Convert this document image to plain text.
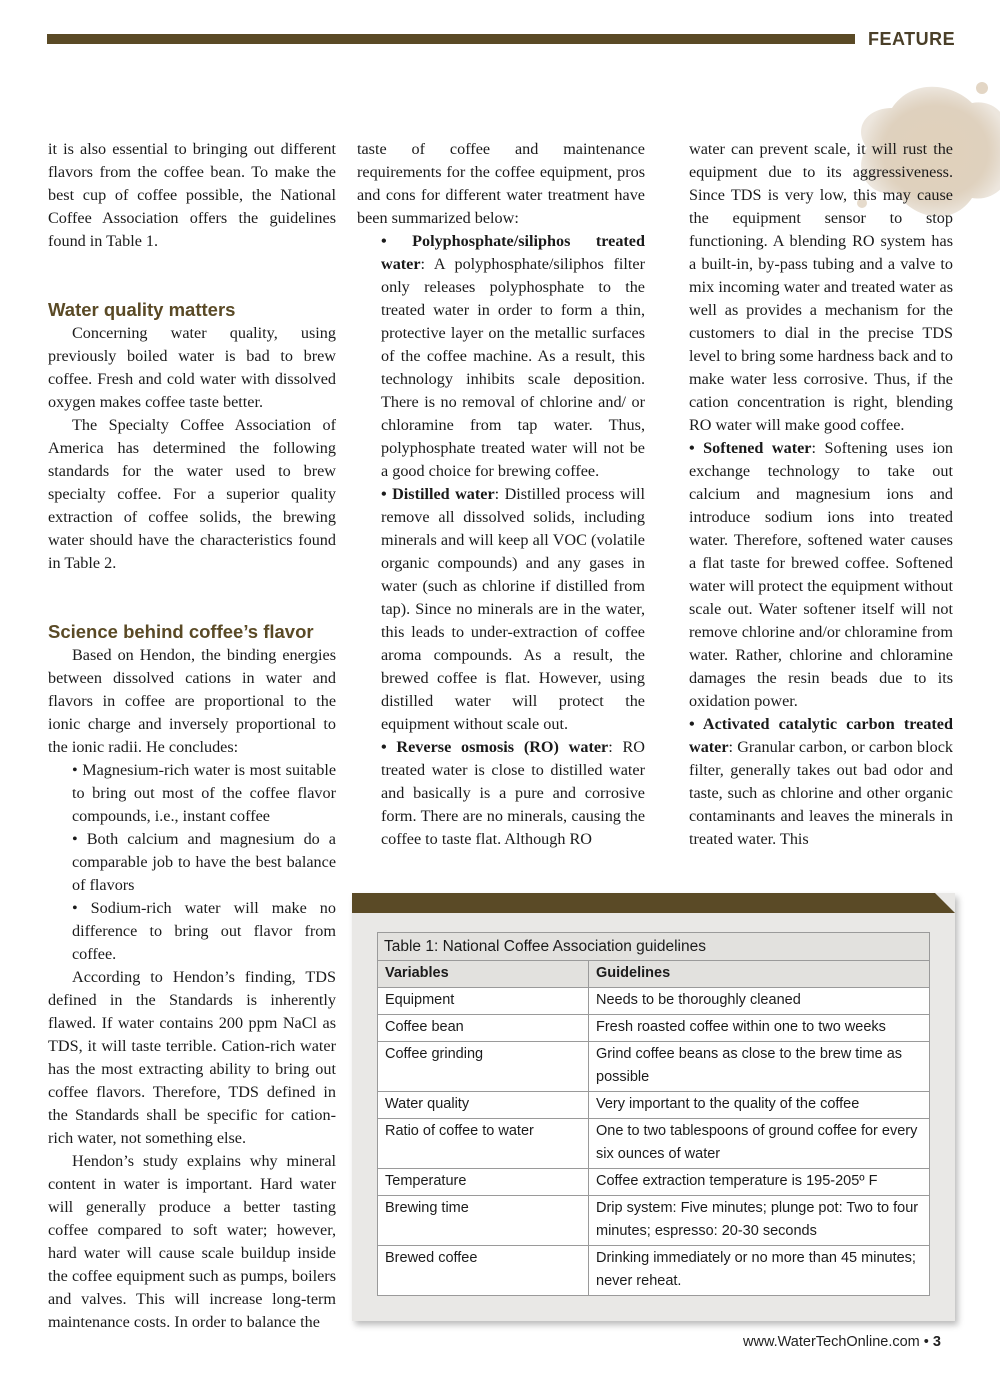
FEATURE

it is also essential to bringing out different flavors from the coffee bean. To make the best cup of coffee possible, the National Coffee Association offers the guidelines found in Table 1.

Water quality matters

Concerning water quality, using previously boiled water is bad to brew coffee. Fresh and cold water with dissolved oxygen makes coffee taste better.

The Specialty Coffee Association of America has determined the following standards for the water used to brew specialty coffee. For a superior quality extraction of coffee solids, the brewing water should have the characteristics found in Table 2.

Science behind coffee’s flavor

Based on Hendon, the binding energies between dissolved cations in water and flavors in coffee are proportional to the ionic charge and inversely proportional to the ionic radii. He concludes:

• Magnesium-rich water is most suitable to bring out most of the coffee flavor compounds, i.e., instant coffee

• Both calcium and magnesium do a comparable job to have the best balance of flavors

• Sodium-rich water will make no difference to bring out flavor from coffee.

According to Hendon’s finding, TDS defined in the Standards is inherently flawed. If water contains 200 ppm NaCl as TDS, it will taste terrible. Cation-rich water has the most extracting ability to bring out coffee flavors. Therefore, TDS defined in the Standards shall be specific for cation-rich water, not something else.

Hendon’s study explains why mineral content in water is important. Hard water will generally produce a better tasting coffee compared to soft water; however, hard water will cause scale buildup inside the coffee equipment such as pumps, boilers and valves. This will increase long-term maintenance costs. In order to balance the

taste of coffee and maintenance requirements for the coffee equipment, pros and cons for different water treatment have been summarized below:

• Polyphosphate/siliphos treated water: A polyphosphate/siliphos filter only releases polyphosphate to the treated water in order to form a thin, protective layer on the metallic surfaces of the coffee machine. As a result, this technology inhibits scale deposition. There is no removal of chlorine and/ or chloramine from tap water. Thus, polyphosphate treated water will not be a good choice for brewing coffee.

• Distilled water: Distilled process will remove all dissolved solids, including minerals and will keep all VOC (volatile organic compounds) and any gases in water (such as chlorine if distilled from tap). Since no minerals are in the water, this leads to under-extraction of coffee aroma compounds. As a result, the brewed coffee is flat. However, using distilled water will protect the equipment without scale out.

• Reverse osmosis (RO) water: RO treated water is close to distilled water and basically is a pure and corrosive form. There are no minerals, causing the coffee to taste flat. Although RO

water can prevent scale, it will rust the equipment due to its aggressiveness. Since TDS is very low, this may cause the equipment sensor to stop functioning. A blending RO system has a built-in, by-pass tubing and a valve to mix incoming water and treated water as well as provides a mechanism for the customers to dial in the precise TDS level to bring some hardness back and to make water less corrosive. Thus, if the cation concentration is right, blending RO water will make good coffee.

• Softened water: Softening uses ion exchange technology to take out calcium and magnesium ions and introduce sodium ions into treated water. Therefore, softened water causes a flat taste for brewed coffee. Softened water will protect the equipment without scale out. Water softener itself will not remove chlorine and/or chloramine from water. Rather, chlorine and chloramine damages the resin beads due to its oxidation power.

• Activated catalytic carbon treated water: Granular carbon, or carbon block filter, generally takes out bad odor and taste, such as chlorine and other organic contaminants and leaves the minerals in treated water. This

Table 1: National Coffee Association guidelines	
Variables	Guidelines
Equipment	Needs to be thoroughly cleaned
Coffee bean	Fresh roasted coffee within one to two weeks
Coffee grinding	Grind coffee beans as close to the brew time as possible
Water quality	Very important to the quality of the coffee
Ratio of coffee to water	One to two tablespoons of ground coffee for every six ounces of water
Temperature	Coffee extraction temperature is 195-205º F
Brewing time	Drip system: Five minutes; plunge pot: Two to four minutes; espresso: 20-30 seconds
Brewed coffee	Drinking immediately or no more than 45 minutes; never reheat.
www.WaterTechOnline.com • 3
